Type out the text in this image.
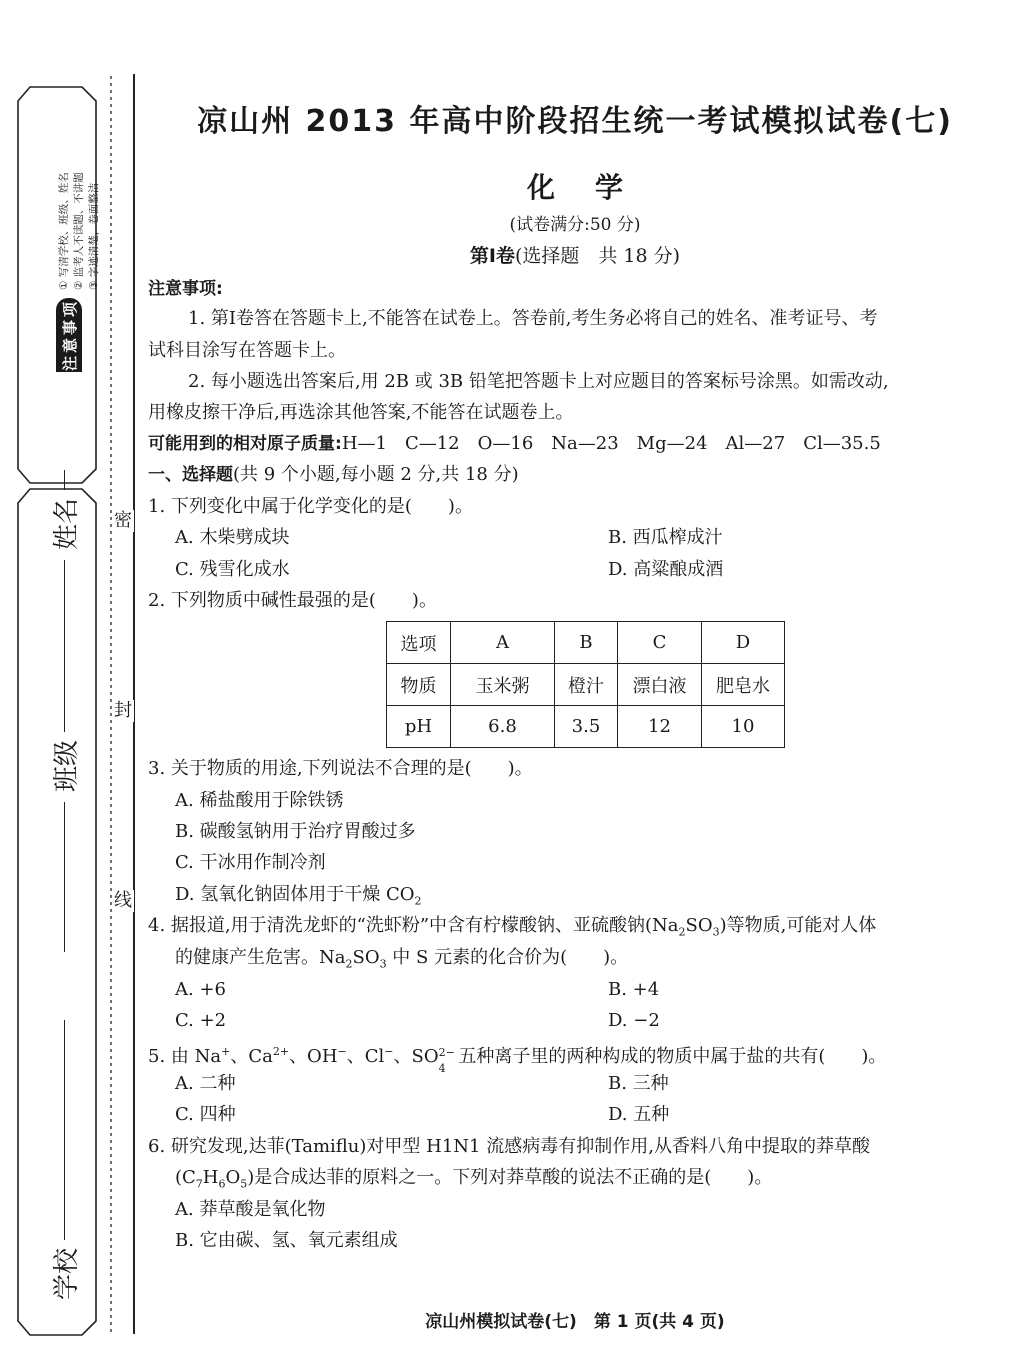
注意事项
① 写清学校、班级、姓名 ② 监考人不读题、不讲题 ③ 字迹清楚，卷面整洁
姓名
班级
学校
密
封
线
凉山州 2013 年高中阶段招生统一考试模拟试卷(七)
化学
(试卷满分:50 分)
第Ⅰ卷(选择题　共 18 分)
注意事项:
1. 第Ⅰ卷答在答题卡上,不能答在试卷上。答卷前,考生务必将自己的姓名、准考证号、考
试科目涂写在答题卡上。
2. 每小题选出答案后,用 2B 或 3B 铅笔把答题卡上对应题目的答案标号涂黑。如需改动,
用橡皮擦干净后,再选涂其他答案,不能答在试题卷上。
可能用到的相对原子质量:H—1　C—12　O—16　Na—23　Mg—24　Al—27　Cl—35.5
一、选择题(共 9 个小题,每小题 2 分,共 18 分)
1. 下列变化中属于化学变化的是(　　)。
A. 木柴劈成块	B. 西瓜榨成汁
C. 残雪化成水	D. 高粱酿成酒
2. 下列物质中碱性最强的是(　　)。
选项	A	B	C	D
物质	玉米粥	橙汁	漂白液	肥皂水
pH	6.8	3.5	12	10
3. 关于物质的用途,下列说法不合理的是(　　)。
A. 稀盐酸用于除铁锈
B. 碳酸氢钠用于治疗胃酸过多
C. 干冰用作制冷剂
D. 氢氧化钠固体用于干燥 $CO_2$
4. 据报道,用于清洗龙虾的“洗虾粉”中含有柠檬酸钠、亚硫酸钠$(Na_2SO_3)$等物质,可能对人体
的健康产生危害。$Na_2SO_3$ 中 S 元素的化合价为(　　)。
A. +6	B. +4
C. +2	D. −2
5. 由 Na+、$Ca^{2+}$、OH−、Cl−、SO 2−
4
五种离子里的两种构成的物质中属于盐的共有(　　)。
A. 二种	B. 三种
C. 四种	D. 五种
6. 研究发现,达菲(Tamiflu)对甲型 H1N1 流感病毒有抑制作用,从香料八角中提取的莽草酸
$(C_7H_6O_5)$是合成达菲的原料之一。下列对莽草酸的说法不正确的是(　　)。
A. 莽草酸是氧化物
B. 它由碳、氢、氧元素组成
凉山州模拟试卷(七)　第 1 页(共 4 页)
